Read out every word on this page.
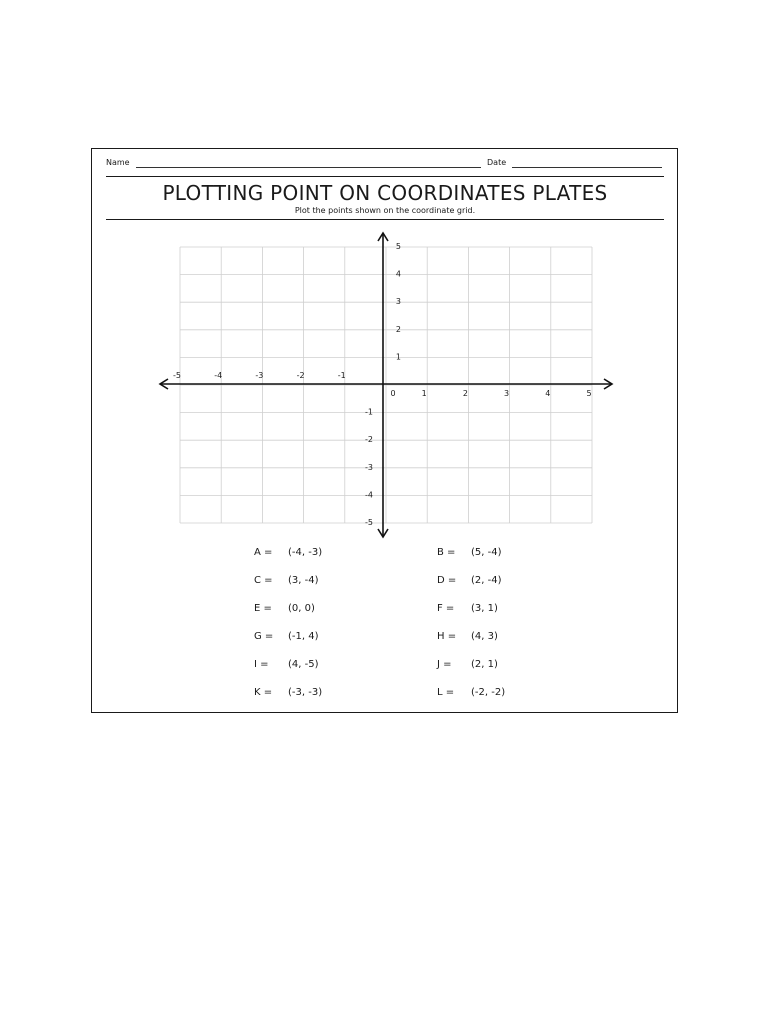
Name	Date
PLOTTING POINT ON COORDINATES PLATES
Plot the points shown on the coordinate grid.
-5	-4	-3	-2	-1
0	1	2	3	4	5
5
4
3
2
1
-1
-2
-3
-4
-5
A = (-4, -3)	B = (5, -4)
C = (3, -4)	D = (2, -4)
E = (0, 0)	F = (3, 1)
G = (-1, 4)	H = (4, 3)
I = (4, -5)	J = (2, 1)
K = (-3, -3)	L = (-2, -2)
